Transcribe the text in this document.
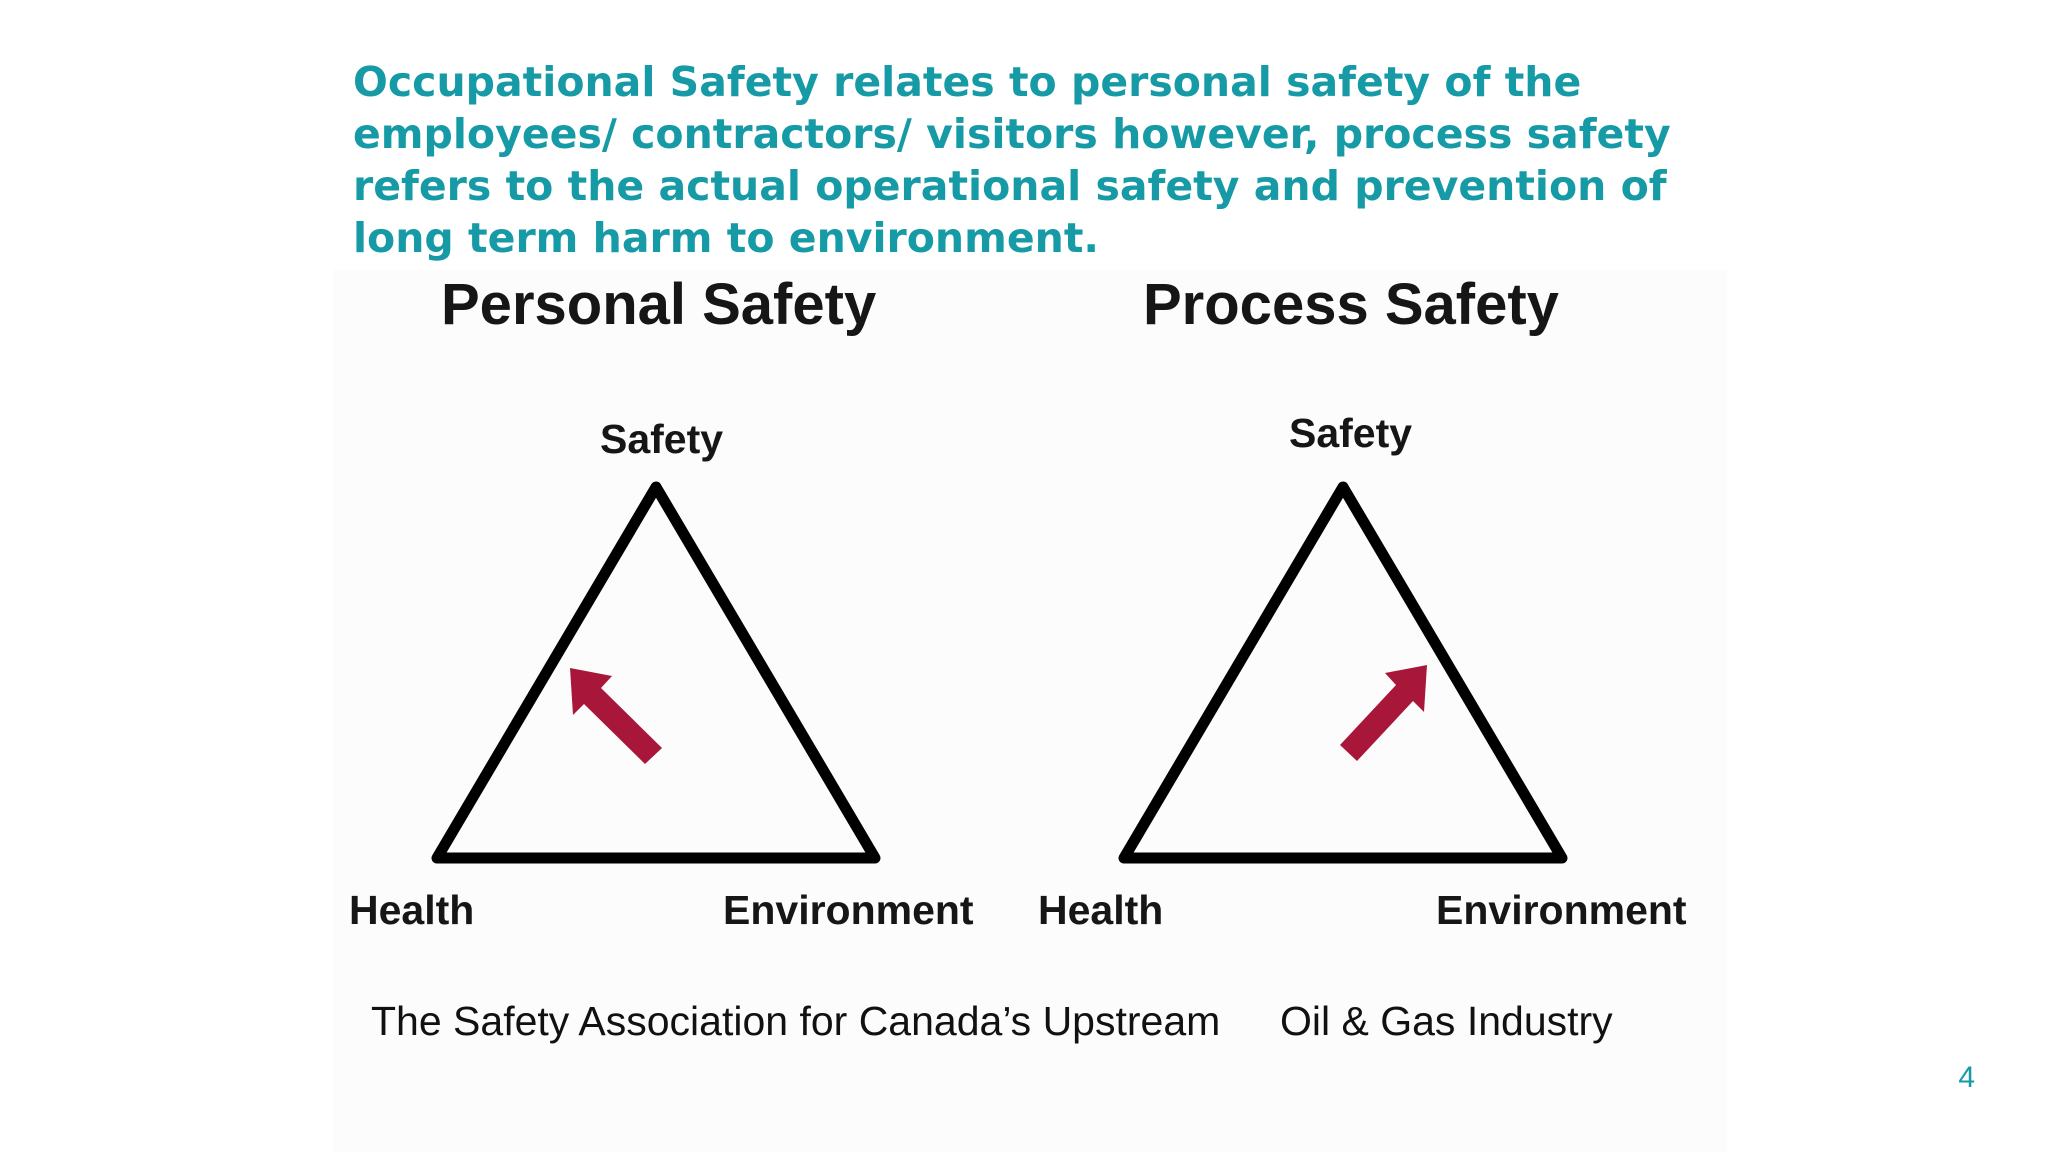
Occupational Safety relates to personal safety of the employees/ contractors/ visitors however, process safety refers to the actual operational safety and prevention of long term harm to environment.

Personal Safety
Safety
Health	Environment
Process Safety
Safety
Health	Environment

The Safety Association for Canada’s Upstream Oil & Gas Industry

4
